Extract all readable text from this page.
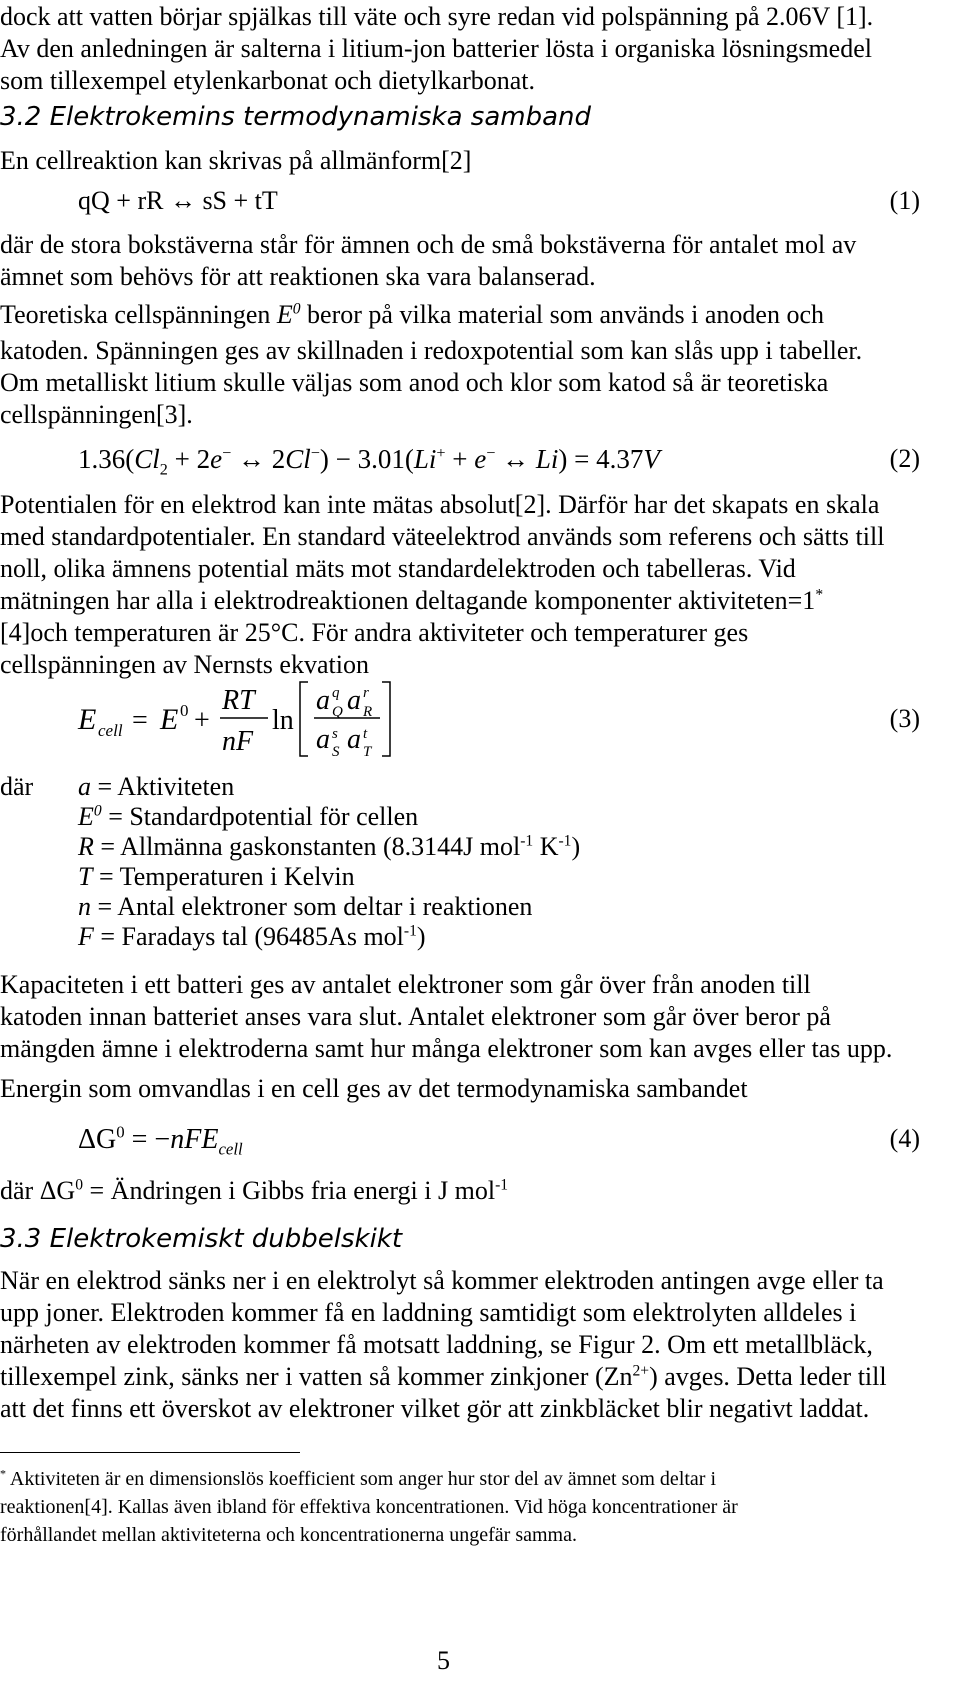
dock att vatten börjar spjälkas till väte och syre redan vid polspänning på 2.06V [1].
Av den anledningen är salterna i litium-jon batterier lösta i organiska lösningsmedel
som tillexempel etylenkarbonat och dietylkarbonat.
3.2 Elektrokemins termodynamiska samband
En cellreaktion kan skrivas på allmänform[2]
qQ + rR ↔ sS + tT	(1)
där de stora bokstäverna står för ämnen och de små bokstäverna för antalet mol av
ämnet som behövs för att reaktionen ska vara balanserad.
Teoretiska cellspänningen $E^0$ beror på vilka material som används i anoden och
katoden. Spänningen ges av skillnaden i redoxpotential som kan slås upp i tabeller.
Om metalliskt litium skulle väljas som anod och klor som katod så är teoretiska
cellspänningen[3].
$1.36(Cl_2 + 2e^-$ ↔ 2Cl−) − 3.01(Li+ + e− ↔ Li) = 4.37V	(2)
Potentialen för en elektrod kan inte mätas absolut[2]. Därför har det skapats en skala
med standardpotentialer. En standard väteelektrod används som referens och sätts till
noll, olika ämnens potential mäts mot standardelektroden och tabelleras. Vid
mätningen har alla i elektrodreaktionen deltagande komponenter aktiviteten=1*
[4]och temperaturen är 25°C. För andra aktiviteter och temperaturer ges
cellspänningen av Nernsts ekvation
E cell = E 0 +
RT
nF
ln
a q
Q a r
R
a s
S a t
T
(3)
där a = Aktiviteten
$E^0$ = Standardpotential för cellen
R = Allmänna gaskonstanten (8.3144J mol$^{-1}$ $K^{-1}$)
T = Temperaturen i Kelvin
n = Antal elektroner som deltar i reaktionen
F = Faradays tal (96485As mol$^{-1}$)
Kapaciteten i ett batteri ges av antalet elektroner som går över från anoden till
katoden innan batteriet anses vara slut. Antalet elektroner som går över beror på
mängden ämne i elektroderna samt hur många elektroner som kan avges eller tas upp.
Energin som omvandlas i en cell ges av det termodynamiska sambandet
$\Delta G^0 = -nFE_{cell}$	(4)
där $\Delta G^0$ = Ändringen i Gibbs fria energi i J mol$^{-1}$
3.3 Elektrokemiskt dubbelskikt
När en elektrod sänks ner i en elektrolyt så kommer elektroden antingen avge eller ta
upp joner. Elektroden kommer få en laddning samtidigt som elektrolyten alldeles i
närheten av elektroden kommer få motsatt laddning, se Figur 2. Om ett metallbläck,
tillexempel zink, sänks ner i vatten så kommer zinkjoner $(Zn^{2+})$ avges. Detta leder till
att det finns ett överskot av elektroner vilket gör att zinkbläcket blir negativt laddat.
* Aktiviteten är en dimensionslös koefficient som anger hur stor del av ämnet som deltar i
reaktionen[4]. Kallas även ibland för effektiva koncentrationen. Vid höga koncentrationer är
förhållandet mellan aktiviteterna och koncentrationerna ungefär samma.
5
